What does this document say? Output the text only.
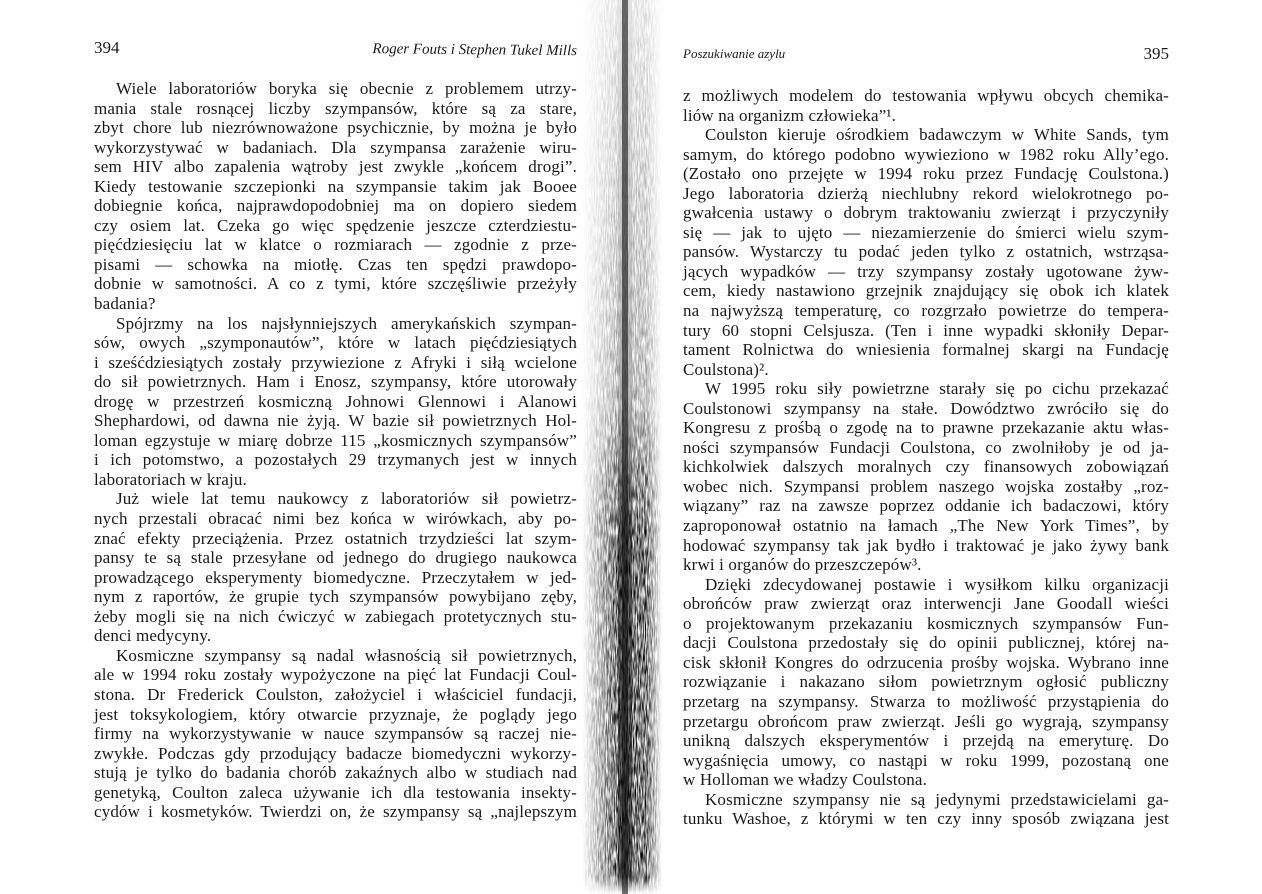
394	Roger Fouts i Stephen Tukel Mills
Wiele laboratoriów boryka się obecnie z problemem utrzy-
mania stale rosnącej liczby szympansów, które są za stare,
zbyt chore lub niezrównoważone psychicznie, by można je było
wykorzystywać w badaniach. Dla szympansa zarażenie wiru-
sem HIV albo zapalenia wątroby jest zwykle „końcem drogi”.
Kiedy testowanie szczepionki na szympansie takim jak Booee
dobiegnie końca, najprawdopodobniej ma on dopiero siedem
czy osiem lat. Czeka go więc spędzenie jeszcze czterdziestu-
pięćdziesięciu lat w klatce o rozmiarach — zgodnie z prze-
pisami — schowka na miotłę. Czas ten spędzi prawdopo-
dobnie w samotności. A co z tymi, które szczęśliwie przeżyły
badania?
Spójrzmy na los najsłynniejszych amerykańskich szympan-
sów, owych „szymponautów”, które w latach pięćdziesiątych
i sześćdziesiątych zostały przywiezione z Afryki i siłą wcielone
do sił powietrznych. Ham i Enosz, szympansy, które utorowały
drogę w przestrzeń kosmiczną Johnowi Glennowi i Alanowi
Shephardowi, od dawna nie żyją. W bazie sił powietrznych Hol-
loman egzystuje w miarę dobrze 115 „kosmicznych szympansów”
i ich potomstwo, a pozostałych 29 trzymanych jest w innych
laboratoriach w kraju.
Już wiele lat temu naukowcy z laboratoriów sił powietrz-
nych przestali obracać nimi bez końca w wirówkach, aby po-
znać efekty przeciążenia. Przez ostatnich trzydzieści lat szym-
pansy te są stale przesyłane od jednego do drugiego naukowca
prowadzącego eksperymenty biomedyczne. Przeczytałem w jed-
nym z raportów, że grupie tych szympansów powybijano zęby,
żeby mogli się na nich ćwiczyć w zabiegach protetycznych stu-
denci medycyny.
Kosmiczne szympansy są nadal własnością sił powietrznych,
ale w 1994 roku zostały wypożyczone na pięć lat Fundacji Coul-
stona. Dr Frederick Coulston, założyciel i właściciel fundacji,
jest toksykologiem, który otwarcie przyznaje, że poglądy jego
firmy na wykorzystywanie w nauce szympansów są raczej nie-
zwykłe. Podczas gdy przodujący badacze biomedyczni wykorzy-
stują je tylko do badania chorób zakaźnych albo w studiach nad
genetyką, Coulton zaleca używanie ich dla testowania insekty-
cydów i kosmetyków. Twierdzi on, że szympansy są „najlepszym
Poszukiwanie azylu	395
z możliwych modelem do testowania wpływu obcych chemika-
liów na organizm człowieka”¹.
Coulston kieruje ośrodkiem badawczym w White Sands, tym
samym, do którego podobno wywieziono w 1982 roku Ally’ego.
(Zostało ono przejęte w 1994 roku przez Fundację Coulstona.)
Jego laboratoria dzierżą niechlubny rekord wielokrotnego po-
gwałcenia ustawy o dobrym traktowaniu zwierząt i przyczyniły
się — jak to ujęto — niezamierzenie do śmierci wielu szym-
pansów. Wystarczy tu podać jeden tylko z ostatnich, wstrząsa-
jących wypadków — trzy szympansy zostały ugotowane żyw-
cem, kiedy nastawiono grzejnik znajdujący się obok ich klatek
na najwyższą temperaturę, co rozgrzało powietrze do tempera-
tury 60 stopni Celsjusza. (Ten i inne wypadki skłoniły Depar-
tament Rolnictwa do wniesienia formalnej skargi na Fundację
Coulstona)².
W 1995 roku siły powietrzne starały się po cichu przekazać
Coulstonowi szympansy na stałe. Dowództwo zwróciło się do
Kongresu z prośbą o zgodę na to prawne przekazanie aktu włas-
ności szympansów Fundacji Coulstona, co zwolniłoby je od ja-
kichkolwiek dalszych moralnych czy finansowych zobowiązań
wobec nich. Szympansi problem naszego wojska zostałby „roz-
wiązany” raz na zawsze poprzez oddanie ich badaczowi, który
zaproponował ostatnio na łamach „The New York Times”, by
hodować szympansy tak jak bydło i traktować je jako żywy bank
krwi i organów do przeszczepów³.
Dzięki zdecydowanej postawie i wysiłkom kilku organizacji
obrońców praw zwierząt oraz interwencji Jane Goodall wieści
o projektowanym przekazaniu kosmicznych szympansów Fun-
dacji Coulstona przedostały się do opinii publicznej, której na-
cisk skłonił Kongres do odrzucenia prośby wojska. Wybrano inne
rozwiązanie i nakazano siłom powietrznym ogłosić publiczny
przetarg na szympansy. Stwarza to możliwość przystąpienia do
przetargu obrońcom praw zwierząt. Jeśli go wygrają, szympansy
unikną dalszych eksperymentów i przejdą na emeryturę. Do
wygaśnięcia umowy, co nastąpi w roku 1999, pozostaną one
w Holloman we władzy Coulstona.
Kosmiczne szympansy nie są jedynymi przedstawicielami ga-
tunku Washoe, z którymi w ten czy inny sposób związana jest
